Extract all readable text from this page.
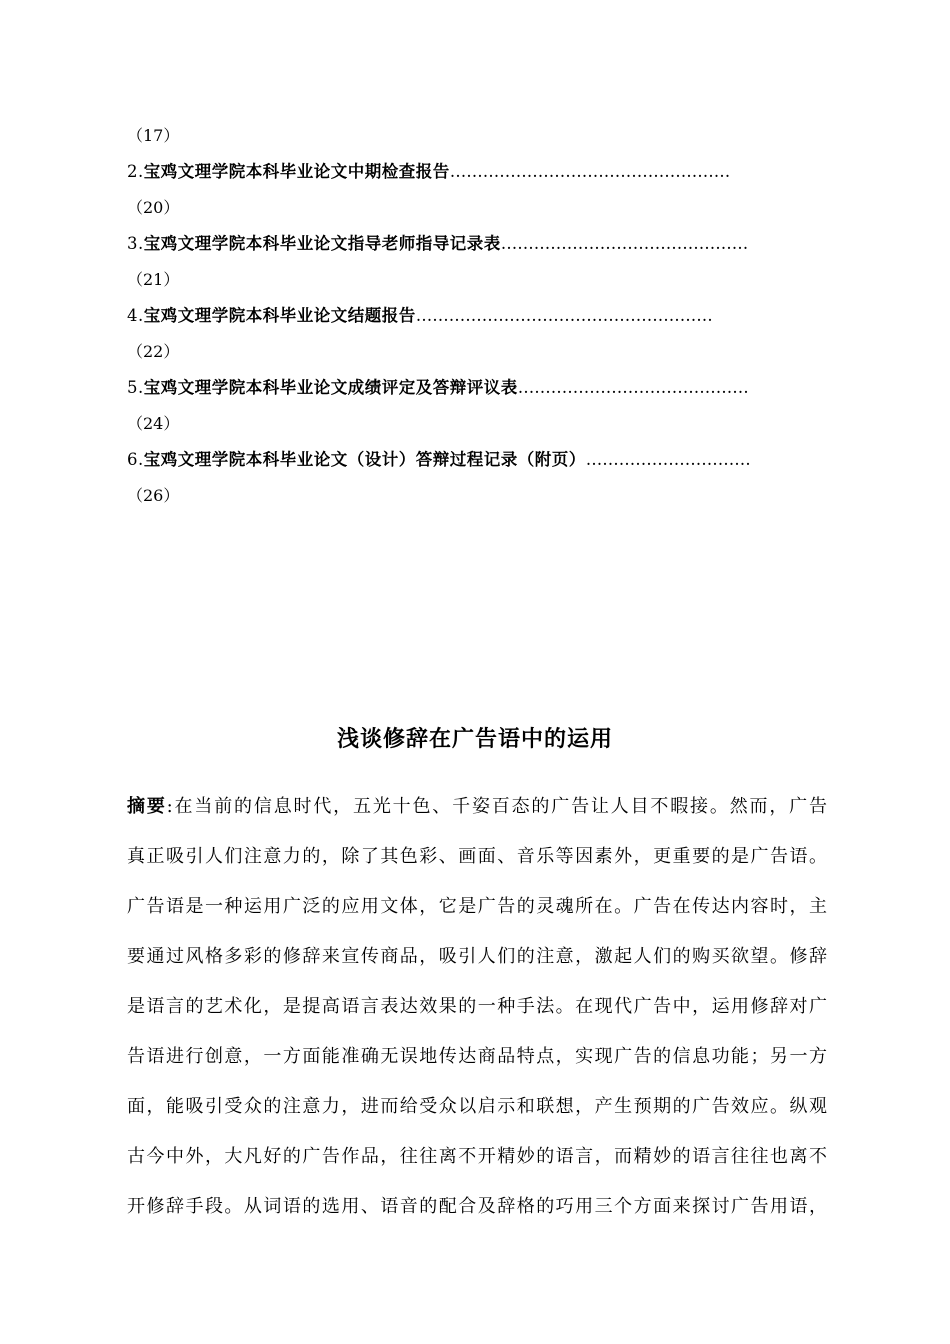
（17）
2.宝鸡文理学院本科毕业论文中期检查报告……………………………………………
（20）
3.宝鸡文理学院本科毕业论文指导老师指导记录表………………………………………
（21）
4.宝鸡文理学院本科毕业论文结题报告………………………………………………
（22）
5.宝鸡文理学院本科毕业论文成绩评定及答辩评议表……………………………………
（24）
6.宝鸡文理学院本科毕业论文（设计）答辩过程记录（附页）…………………………
（26）
浅谈修辞在广告语中的运用
摘要:在当前的信息时代，五光十色、千姿百态的广告让人目不暇接。然而，广告
真正吸引人们注意力的，除了其色彩、画面、音乐等因素外，更重要的是广告语。
广告语是一种运用广泛的应用文体，它是广告的灵魂所在。广告在传达内容时，主
要通过风格多彩的修辞来宣传商品，吸引人们的注意，激起人们的购买欲望。修辞
是语言的艺术化，是提高语言表达效果的一种手法。在现代广告中，运用修辞对广
告语进行创意，一方面能准确无误地传达商品特点，实现广告的信息功能；另一方
面，能吸引受众的注意力，进而给受众以启示和联想，产生预期的广告效应。纵观
古今中外，大凡好的广告作品，往往离不开精妙的语言，而精妙的语言往往也离不
开修辞手段。从词语的选用、语音的配合及辞格的巧用三个方面来探讨广告用语，
